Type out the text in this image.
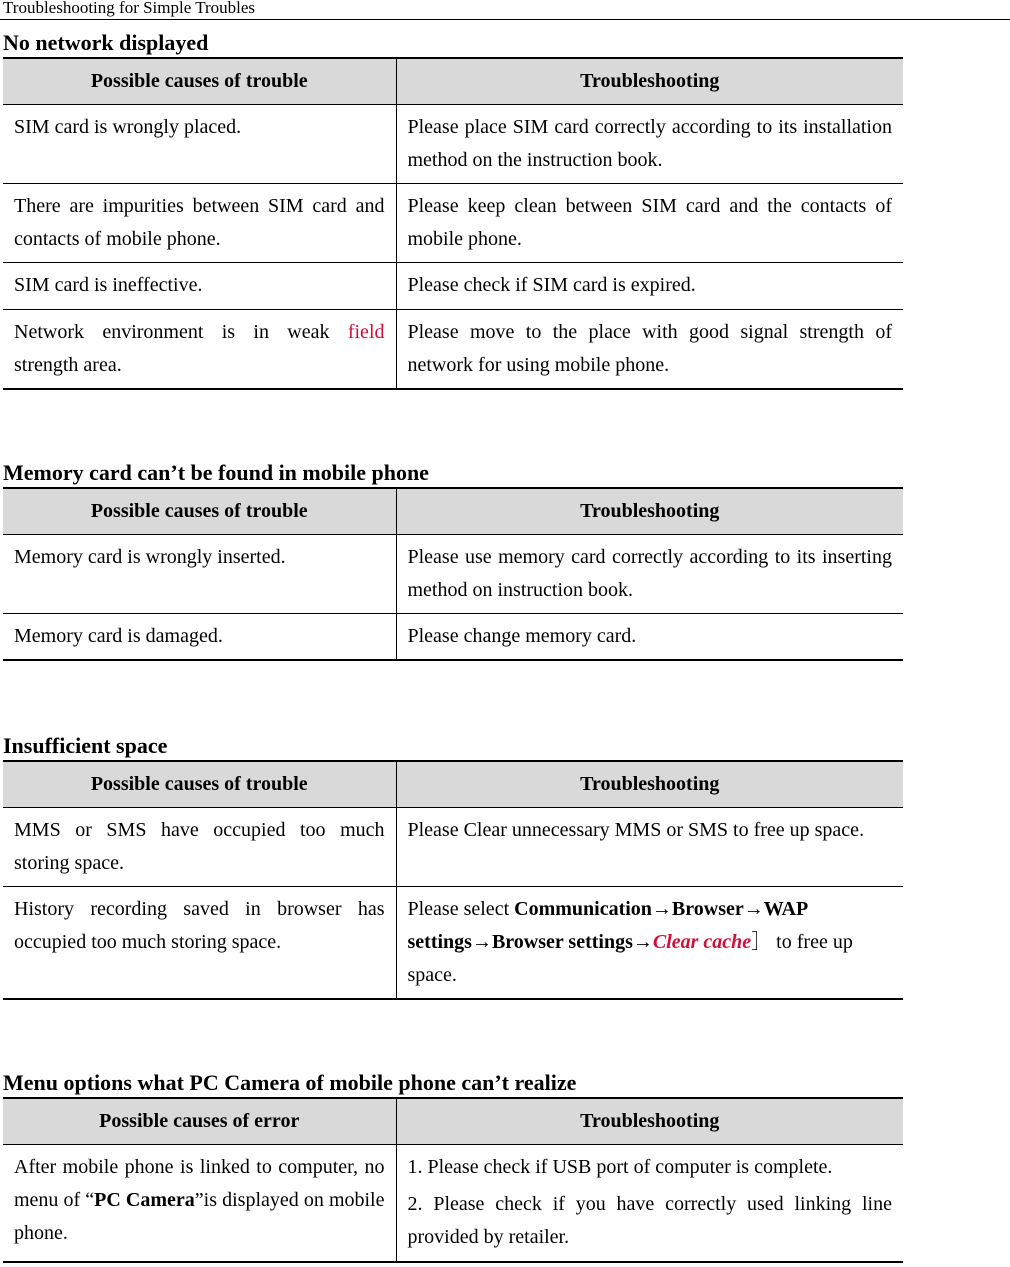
Troubleshooting for Simple Troubles
No network displayed
Possible causes of trouble	Troubleshooting
SIM card is wrongly placed.	Please place SIM card correctly according to its installation method on the instruction book.
There are impurities between SIM card and contacts of mobile phone.	Please keep clean between SIM card and the contacts of mobile phone.
SIM card is ineffective.	Please check if SIM card is expired.
Network environment is in weak field strength area.	Please move to the place with good signal strength of network for using mobile phone.
Memory card can’t be found in mobile phone
Possible causes of trouble	Troubleshooting
Memory card is wrongly inserted.	Please use memory card correctly according to its inserting method on instruction book.
Memory card is damaged.	Please change memory card.
Insufficient space
Possible causes of trouble	Troubleshooting
MMS or SMS have occupied too much storing space.	Please Clear unnecessary MMS or SMS to free up space.
History recording saved in browser has occupied too much storing space.	Please select Communication→Browser→WAP settings→Browser settings→Clear cache］ to free up space.
Menu options what PC Camera of mobile phone can’t realize
Possible causes of error	Troubleshooting
After mobile phone is linked to computer, no menu of “PC Camera”is displayed on mobile phone.	1. Please check if USB port of computer is complete.
2. Please check if you have correctly used linking line provided by retailer.
